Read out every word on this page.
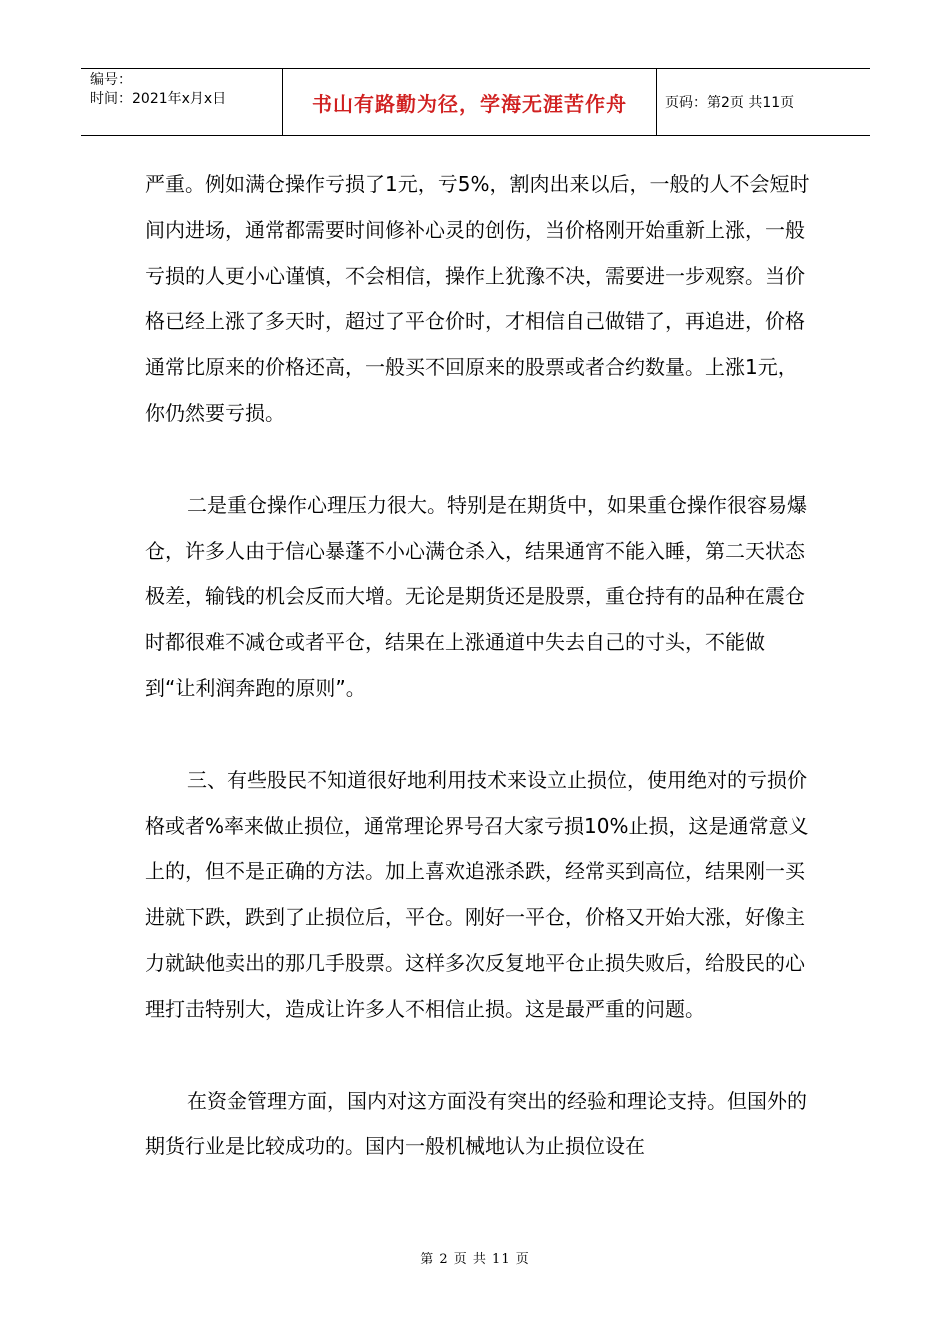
编号：
时间：2021年x月x日	书山有路勤为径，学海无涯苦作舟	页码：第2页 共11页

严重。例如满仓操作亏损了1元，亏5%，割肉出来以后，一般的人不会短时间内进场，通常都需要时间修补心灵的创伤，当价格刚开始重新上涨，一般亏损的人更小心谨慎，不会相信，操作上犹豫不决，需要进一步观察。当价格已经上涨了多天时，超过了平仓价时，才相信自己做错了，再追进，价格通常比原来的价格还高，一般买不回原来的股票或者合约数量。上涨1元，你仍然要亏损。

二是重仓操作心理压力很大。特别是在期货中，如果重仓操作很容易爆仓，许多人由于信心暴蓬不小心满仓杀入，结果通宵不能入睡，第二天状态极差，输钱的机会反而大增。无论是期货还是股票，重仓持有的品种在震仓时都很难不减仓或者平仓，结果在上涨通道中失去自己的寸头，不能做到“让利润奔跑的原则”。

三、有些股民不知道很好地利用技术来设立止损位，使用绝对的亏损价格或者%率来做止损位，通常理论界号召大家亏损10%止损，这是通常意义上的，但不是正确的方法。加上喜欢追涨杀跌，经常买到高位，结果刚一买进就下跌，跌到了止损位后，平仓。刚好一平仓，价格又开始大涨，好像主力就缺他卖出的那几手股票。这样多次反复地平仓止损失败后，给股民的心理打击特别大，造成让许多人不相信止损。这是最严重的问题。

在资金管理方面，国内对这方面没有突出的经验和理论支持。但国外的期货行业是比较成功的。国内一般机械地认为止损位设在

第 2 页 共 11 页
